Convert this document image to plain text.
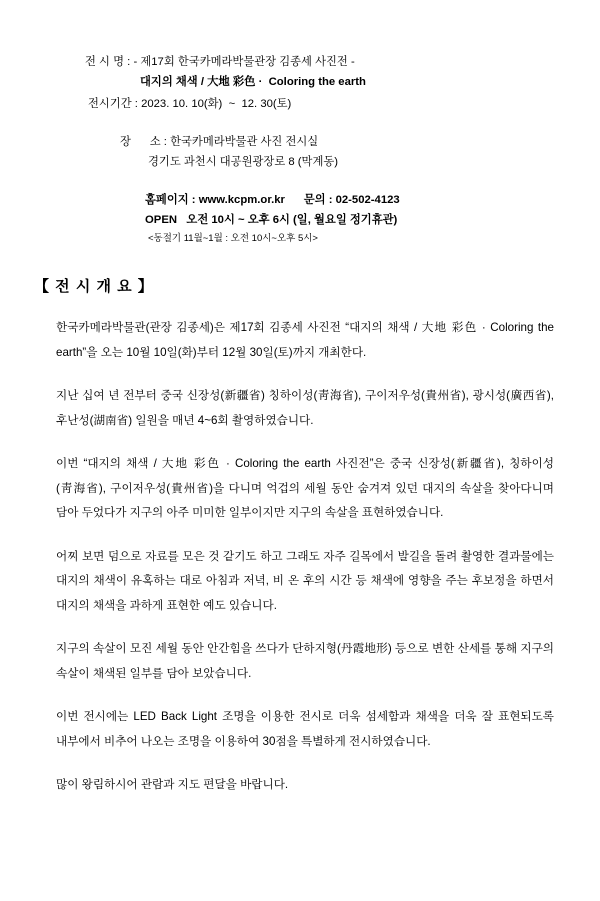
전 시 명 : - 제17회 한국카메라박물관장 김종세 사진전 -
대지의 채색 / 大地 彩色 ·  Coloring the earth
전시기간 : 2023. 10. 10(화)  ~  12. 30(토)
장      소 : 한국카메라박물관 사진 전시실
경기도 과천시 대공원광장로 8 (막계동)
홈페이지 : www.kcpm.or.kr      문의 : 02-502-4123
OPEN   오전 10시 ~ 오후 6시 (일, 월요일 정기휴관)
<동절기 11월~1월 : 오전 10시~오후 5시>
【 전 시 개 요 】

한국카메라박물관(관장 김종세)은 제17회 김종세 사진전 “대지의 채색 / 大地 彩色 · Coloring the earth”을 오는 10월 10일(화)부터 12월 30일(토)까지 개최한다.

지난 십여 년 전부터 중국 신장성(新疆省) 칭하이성(靑海省), 구이저우성(貴州省), 광시성(廣西省), 후난성(湖南省) 일원을 매년 4~6회 촬영하였습니다.

이번 “대지의 채색 / 大地 彩色 · Coloring the earth 사진전”은 중국 신장성(新疆省), 칭하이성(靑海省), 구이저우성(貴州省)을 다니며 억겁의 세월 동안 숨겨져 있던 대지의 속살을 찾아다니며 담아 두었다가 지구의 아주 미미한 일부이지만 지구의 속살을 표현하였습니다.

어찌 보면 덤으로 자료를 모은 것 같기도 하고 그래도 자주 길목에서 발길을 돌려 촬영한 결과물에는 대지의 채색이 유혹하는 대로 아침과 저녁, 비 온 후의 시간 등 채색에 영향을 주는 후보정을 하면서 대지의 채색을 과하게 표현한 예도 있습니다.

지구의 속살이 모진 세월 동안 안간힘을 쓰다가 단하지형(丹霞地形) 등으로 변한 산세를 통해 지구의 속살이 채색된 일부를 담아 보았습니다.

이번 전시에는 LED Back Light 조명을 이용한 전시로 더욱 섬세함과 채색을 더욱 잘 표현되도록 내부에서 비추어 나오는 조명을 이용하여 30점을 특별하게 전시하였습니다.

많이 왕림하시어 관람과 지도 편달을 바랍니다.
